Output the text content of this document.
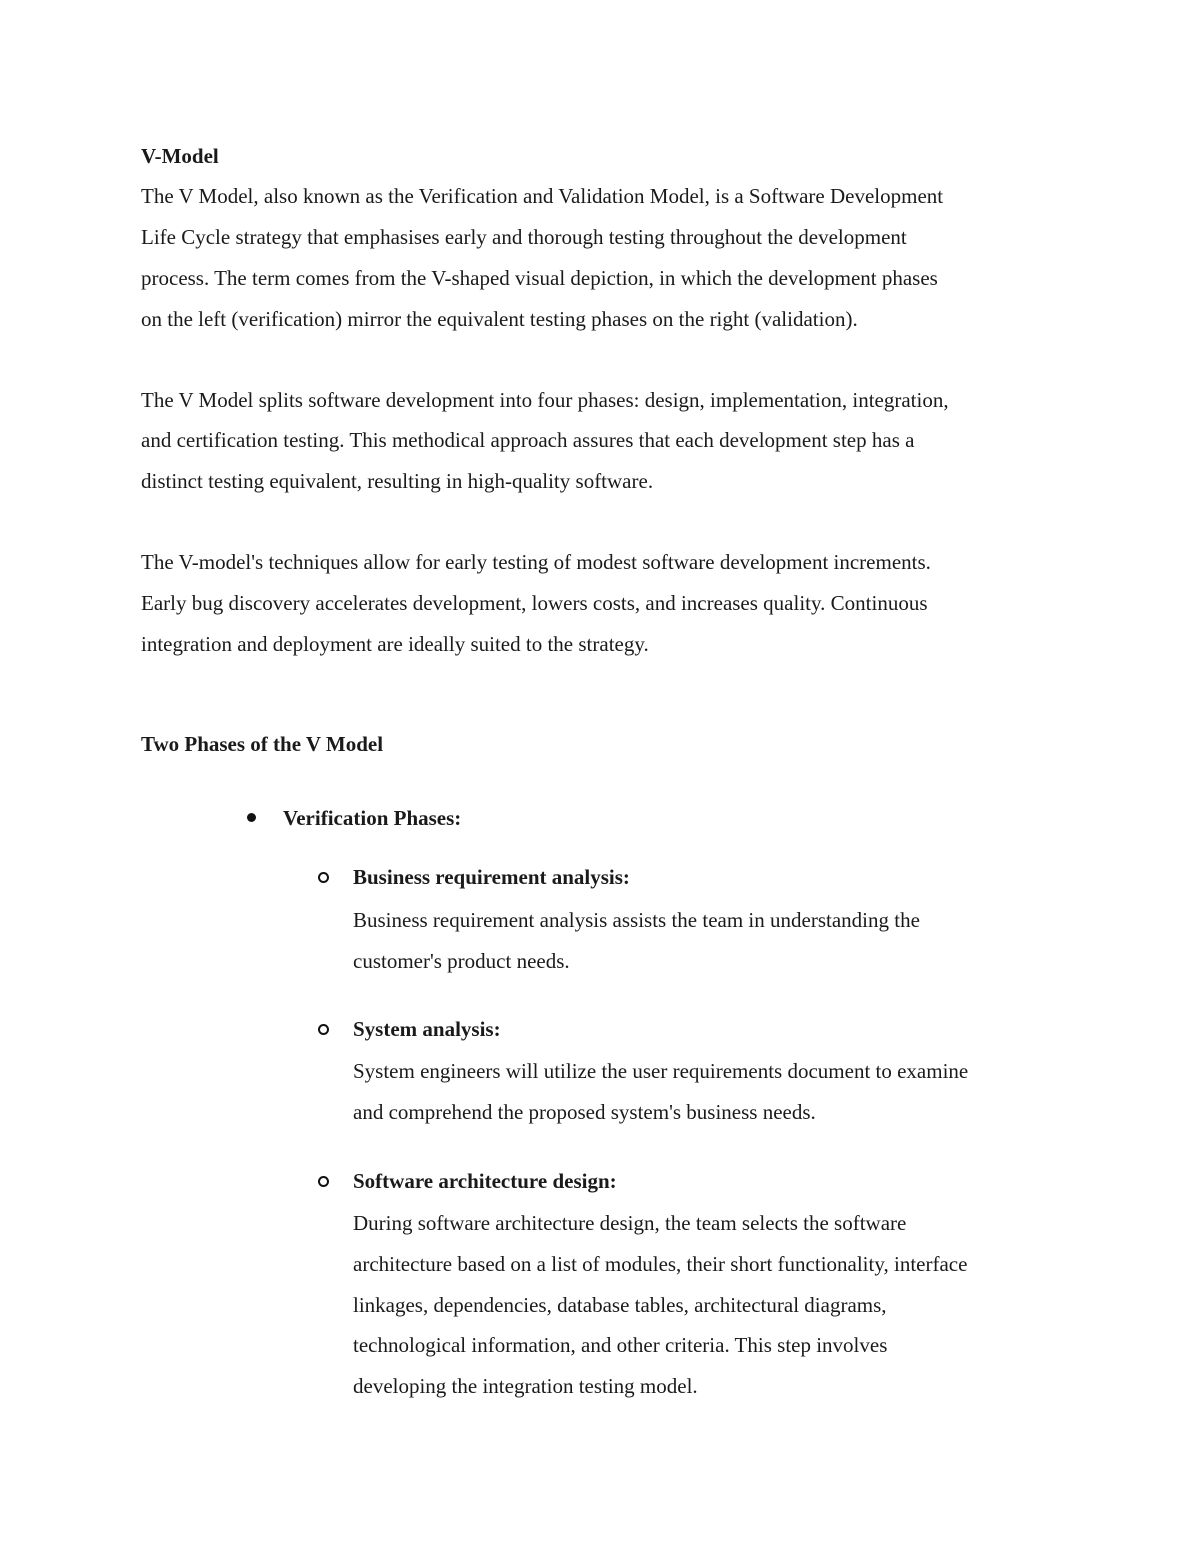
V-Model
The V Model, also known as the Verification and Validation Model, is a Software Development
Life Cycle strategy that emphasises early and thorough testing throughout the development
process. The term comes from the V-shaped visual depiction, in which the development phases
on the left (verification) mirror the equivalent testing phases on the right (validation).
The V Model splits software development into four phases: design, implementation, integration,
and certification testing. This methodical approach assures that each development step has a
distinct testing equivalent, resulting in high-quality software.
The V-model's techniques allow for early testing of modest software development increments.
Early bug discovery accelerates development, lowers costs, and increases quality. Continuous
integration and deployment are ideally suited to the strategy.
Two Phases of the V Model
Verification Phases:
Business requirement analysis:
Business requirement analysis assists the team in understanding the
customer's product needs.
System analysis:
System engineers will utilize the user requirements document to examine
and comprehend the proposed system's business needs.
Software architecture design:
During software architecture design, the team selects the software
architecture based on a list of modules, their short functionality, interface
linkages, dependencies, database tables, architectural diagrams,
technological information, and other criteria. This step involves
developing the integration testing model.
